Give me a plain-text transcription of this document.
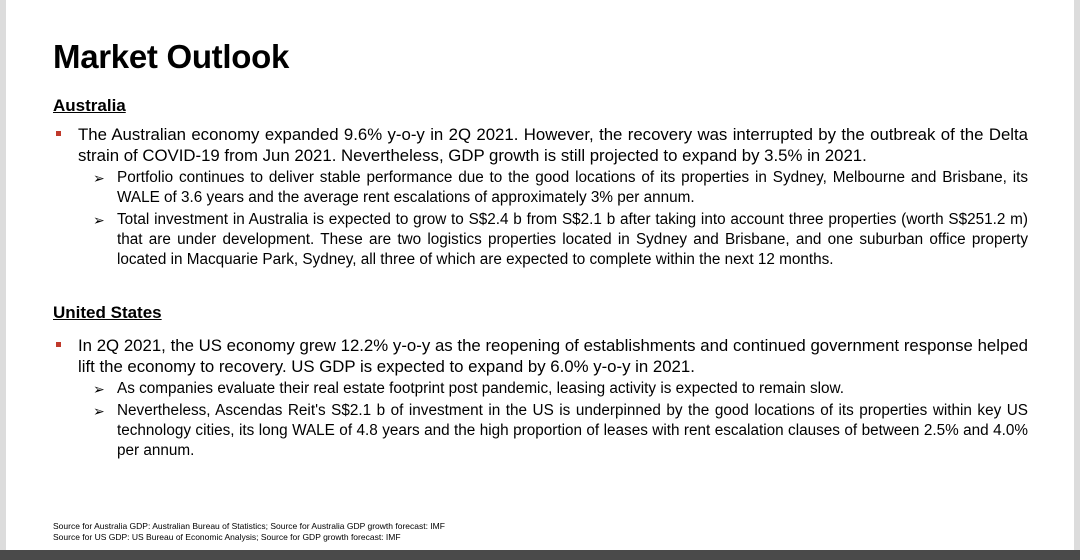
Market Outlook
Australia
The Australian economy expanded 9.6% y-o-y in 2Q 2021. However, the recovery was interrupted by the outbreak of the Delta strain of COVID-19 from Jun 2021. Nevertheless, GDP growth is still projected to expand by 3.5% in 2021.
➢ Portfolio continues to deliver stable performance due to the good locations of its properties in Sydney, Melbourne and Brisbane, its WALE of 3.6 years and the average rent escalations of approximately 3% per annum.
➢ Total investment in Australia is expected to grow to S$2.4 b from S$2.1 b after taking into account three properties (worth S$251.2 m) that are under development. These are two logistics properties located in Sydney and Brisbane, and one suburban office property located in Macquarie Park, Sydney, all three of which are expected to complete within the next 12 months.
United States
In 2Q 2021, the US economy grew 12.2% y-o-y as the reopening of establishments and continued government response helped lift the economy to recovery. US GDP is expected to expand by 6.0% y-o-y in 2021.
➢ As companies evaluate their real estate footprint post pandemic, leasing activity is expected to remain slow.
➢ Nevertheless, Ascendas Reit's S$2.1 b of investment in the US is underpinned by the good locations of its properties within key US technology cities, its long WALE of 4.8 years and the high proportion of leases with rent escalation clauses of between 2.5% and 4.0% per annum.
Source for Australia GDP: Australian Bureau of Statistics; Source for Australia GDP growth forecast: IMF
Source for US GDP: US Bureau of Economic Analysis; Source for GDP growth forecast: IMF
